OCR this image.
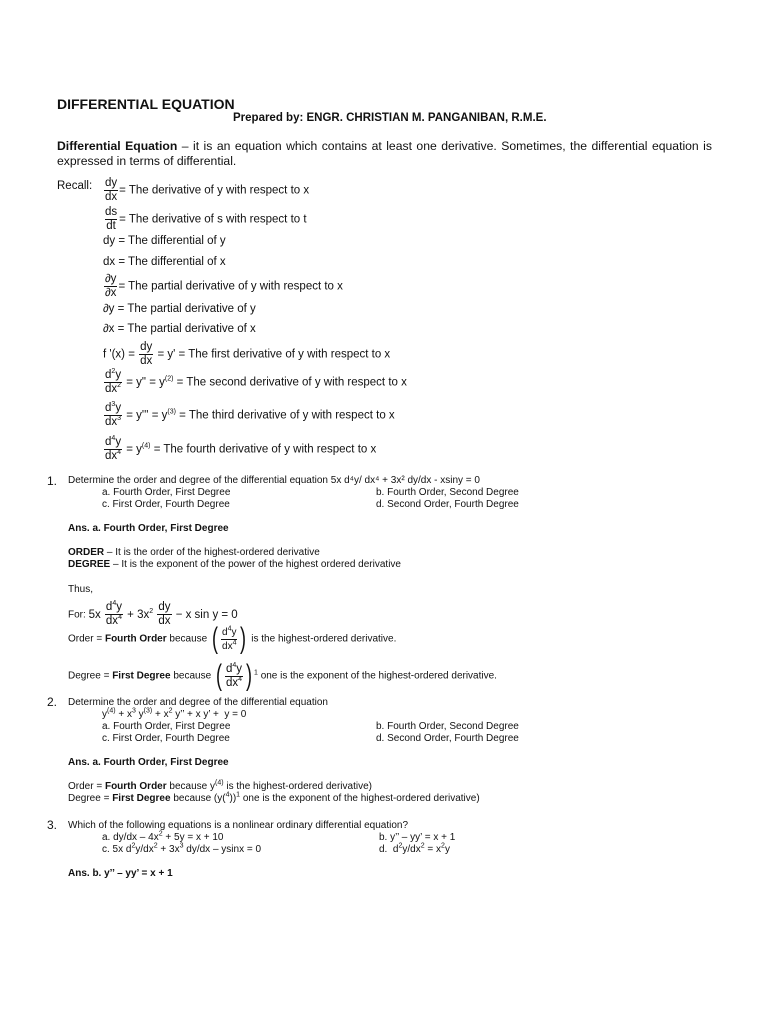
DIFFERENTIAL EQUATION
Prepared by: ENGR. CHRISTIAN M. PANGANIBAN, R.M.E.
Differential Equation – it is an equation which contains at least one derivative. Sometimes, the differential equation is expressed in terms of differential.
Recall: $\frac{dy}{dx}$ = The derivative of y with respect to x
$\frac{ds}{dt}$ = The derivative of s with respect to t
dy = The differential of y
dx = The differential of x
$\frac{\partial y}{\partial x}$ = The partial derivative of y with respect to x
∂y = The partial derivative of y
∂x = The partial derivative of x
f '$(x) = \frac{dy}{dx} = y$' = The first derivative of y with respect to x
$\frac{d^2y}{dx^2} = y$" = $y^{(2)}$ = The second derivative of y with respect to x
$\frac{d^3y}{dx^3} = y''' = y^{(3)}$ = The third derivative of y with respect to x
$\frac{d^4y}{dx^4} = y^{(4)}$ = The fourth derivative of y with respect to x
1. Determine the order and degree of the differential equation 5x d⁴y/ dx⁴ + 3x² dy/dx - xsiny = 0
a. Fourth Order, First Degree	b. Fourth Order, Second Degree
c. First Order, Fourth Degree	d. Second Order, Fourth Degree
Ans. a. Fourth Order, First Degree
ORDER – It is the order of the highest-ordered derivative
DEGREE – It is the exponent of the power of the highest ordered derivative
Thus,
For: $5x \frac{d^4y}{dx^4} + 3x^2 \frac{dy}{dx} - x$ sin y = 0
Order = Fourth Order because ( $\frac{d^4y}{dx^4}$ ) is the highest-ordered derivative.
Degree = First Degree because ( $\frac{d^4y}{dx^4}$ ) $^1$ one is the exponent of the highest-ordered derivative.
2. Determine the order and degree of the differential equation
$y^{(4)} + x^3$ $y^{(3)} + x^2$ y’’ + x y’ +  y = 0
a. Fourth Order, First Degree	b. Fourth Order, Second Degree
c. First Order, Fourth Degree	d. Second Order, Fourth Degree
Ans. a. Fourth Order, First Degree
Order = Fourth Order because $y^{(4)}$ is the highest-ordered derivative)
Degree = First Degree because $(y(^4))^1$ one is the exponent of the highest-ordered derivative)
3. Which of the following equations is a nonlinear ordinary differential equation?
a. $dy/dx - 4x^2 + 5y = x + 10$	b. y’’ – yy’ = x + 1
c. 5x $d^2y/dx^2 + 3x^3$ dy/dx – ysinx = 0	d.  $d^2y/dx^2 = x^2y$
Ans. b. y’’ – yy’ = x + 1
